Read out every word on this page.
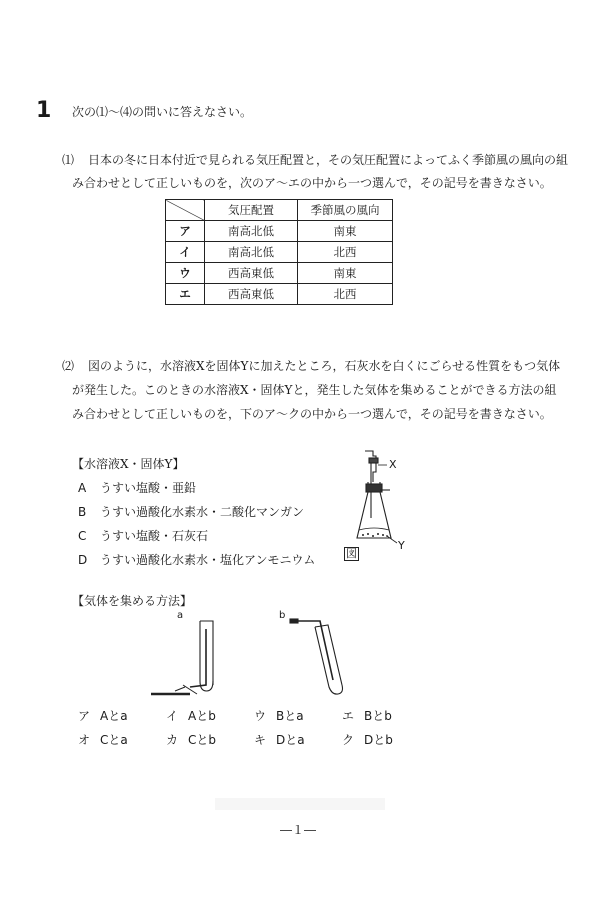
1 次の⑴～⑷の問いに答えなさい。
⑴ 日本の冬に日本付近で見られる気圧配置と，その気圧配置によってふく季節風の風向の組
み合わせとして正しいものを，次のア～エの中から一つ選んで，その記号を書きなさい。
	気圧配置	季節風の風向
ア	南高北低	南東
イ	南高北低	北西
ウ	西高東低	南東
エ	西高東低	北西
⑵ 図のように，水溶液Xを固体Yに加えたところ，石灰水を白くにごらせる性質をもつ気体
が発生した。このときの水溶液X・固体Yと，発生した気体を集めることができる方法の組
み合わせとして正しいものを，下のア～クの中から一つ選んで，その記号を書きなさい。
【水溶液X・固体Y】
A うすい塩酸・亜鉛
B うすい過酸化水素水・二酸化マンガン
C うすい塩酸・石灰石
D うすい過酸化水素水・塩化アンモニウム
X
Y
図
【気体を集める方法】
a	b
ア Aとa	イ Aとb	ウ Bとa	エ Bとb
オ Cとa	カ Cとb	キ Dとa	ク Dとb
―１―
